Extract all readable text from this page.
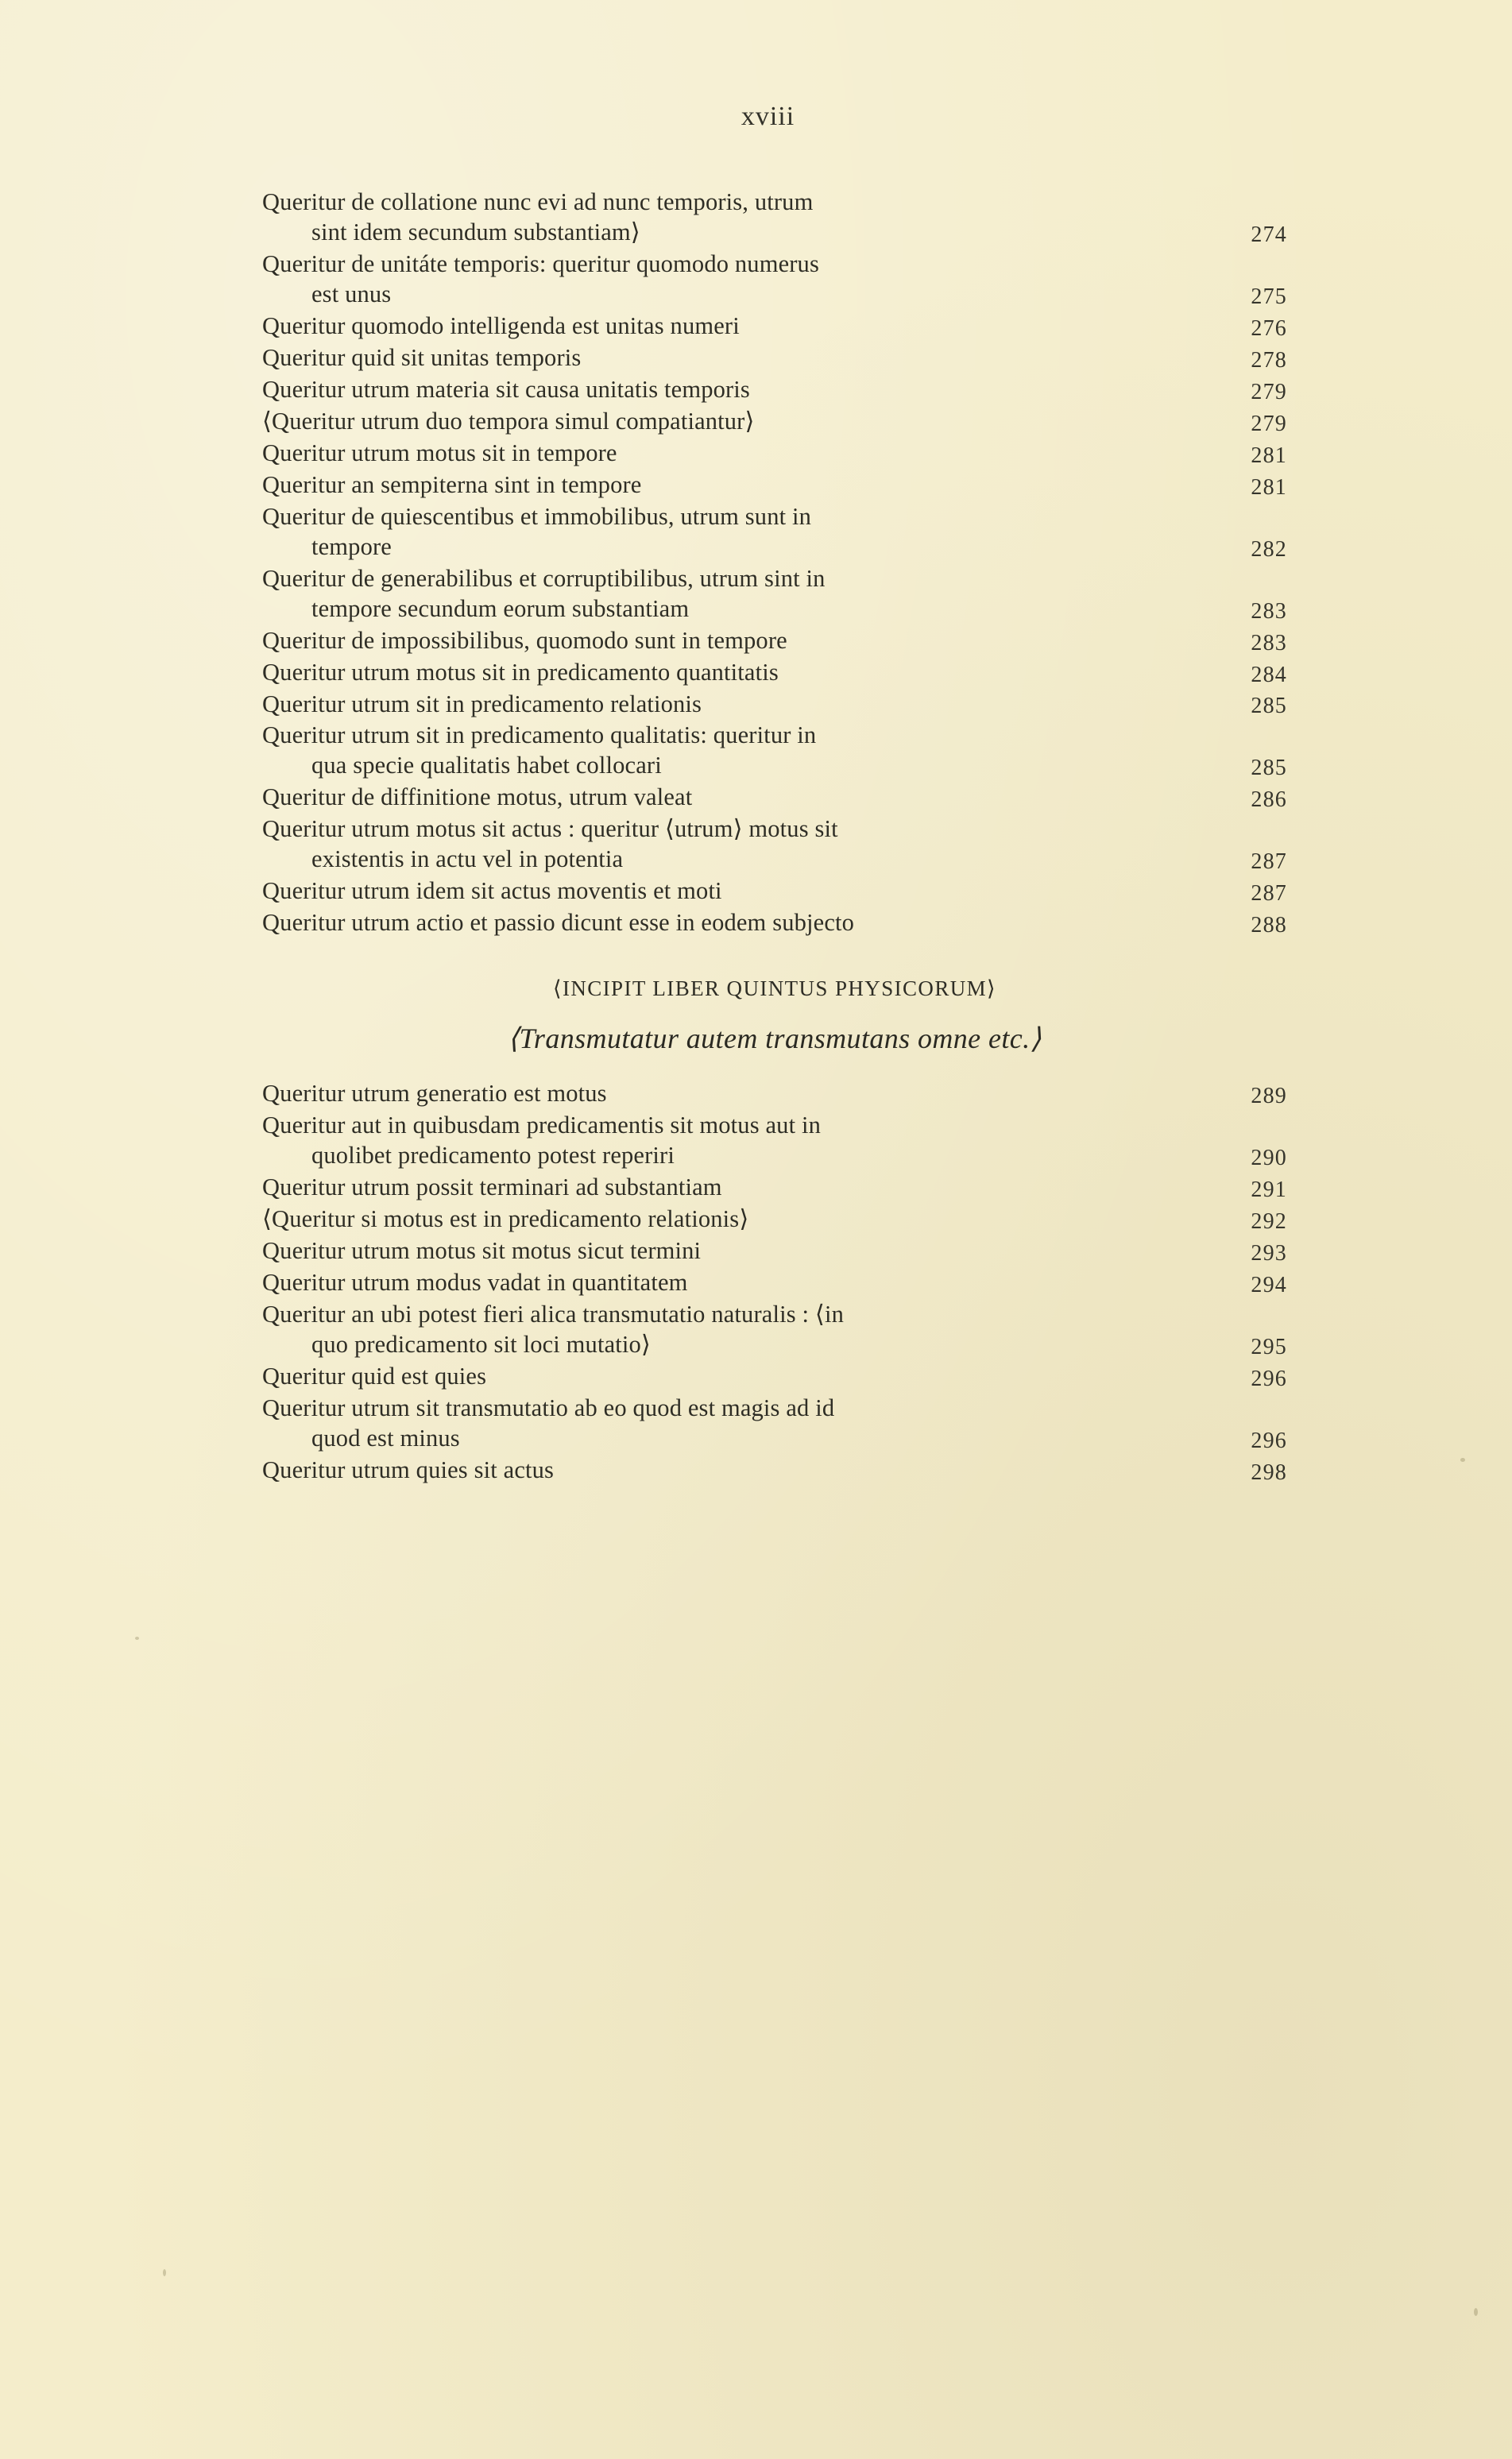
xviii
Queritur de collatione nunc evi ad nunc temporis, utrum
sint idem secundum substantiam⟩	274
Queritur de unitáte temporis: queritur quomodo numerus
est unus	275
Queritur quomodo intelligenda est unitas numeri	276
Queritur quid sit unitas temporis	278
Queritur utrum materia sit causa unitatis temporis	279
⟨Queritur utrum duo tempora simul compatiantur⟩	279
Queritur utrum motus sit in tempore	281
Queritur an sempiterna sint in tempore	281
Queritur de quiescentibus et immobilibus, utrum sunt in
tempore	282
Queritur de generabilibus et corruptibilibus, utrum sint in
tempore secundum eorum substantiam	283
Queritur de impossibilibus, quomodo sunt in tempore	283
Queritur utrum motus sit in predicamento quantitatis	284
Queritur utrum sit in predicamento relationis	285
Queritur utrum sit in predicamento qualitatis: queritur in
qua specie qualitatis habet collocari	285
Queritur de diffinitione motus, utrum valeat	286
Queritur utrum motus sit actus : queritur ⟨utrum⟩ motus sit
existentis in actu vel in potentia	287
Queritur utrum idem sit actus moventis et moti	287
Queritur utrum actio et passio dicunt esse in eodem subjecto	288
⟨INCIPIT LIBER QUINTUS PHYSICORUM⟩
⟨Transmutatur autem transmutans omne etc.⟩
Queritur utrum generatio est motus	289
Queritur aut in quibusdam predicamentis sit motus aut in
quolibet predicamento potest reperiri	290
Queritur utrum possit terminari ad substantiam	291
⟨Queritur si motus est in predicamento relationis⟩	292
Queritur utrum motus sit motus sicut termini	293
Queritur utrum modus vadat in quantitatem	294
Queritur an ubi potest fieri alica transmutatio naturalis : ⟨in
quo predicamento sit loci mutatio⟩	295
Queritur quid est quies	296
Queritur utrum sit transmutatio ab eo quod est magis ad id
quod est minus	296
Queritur utrum quies sit actus	298
